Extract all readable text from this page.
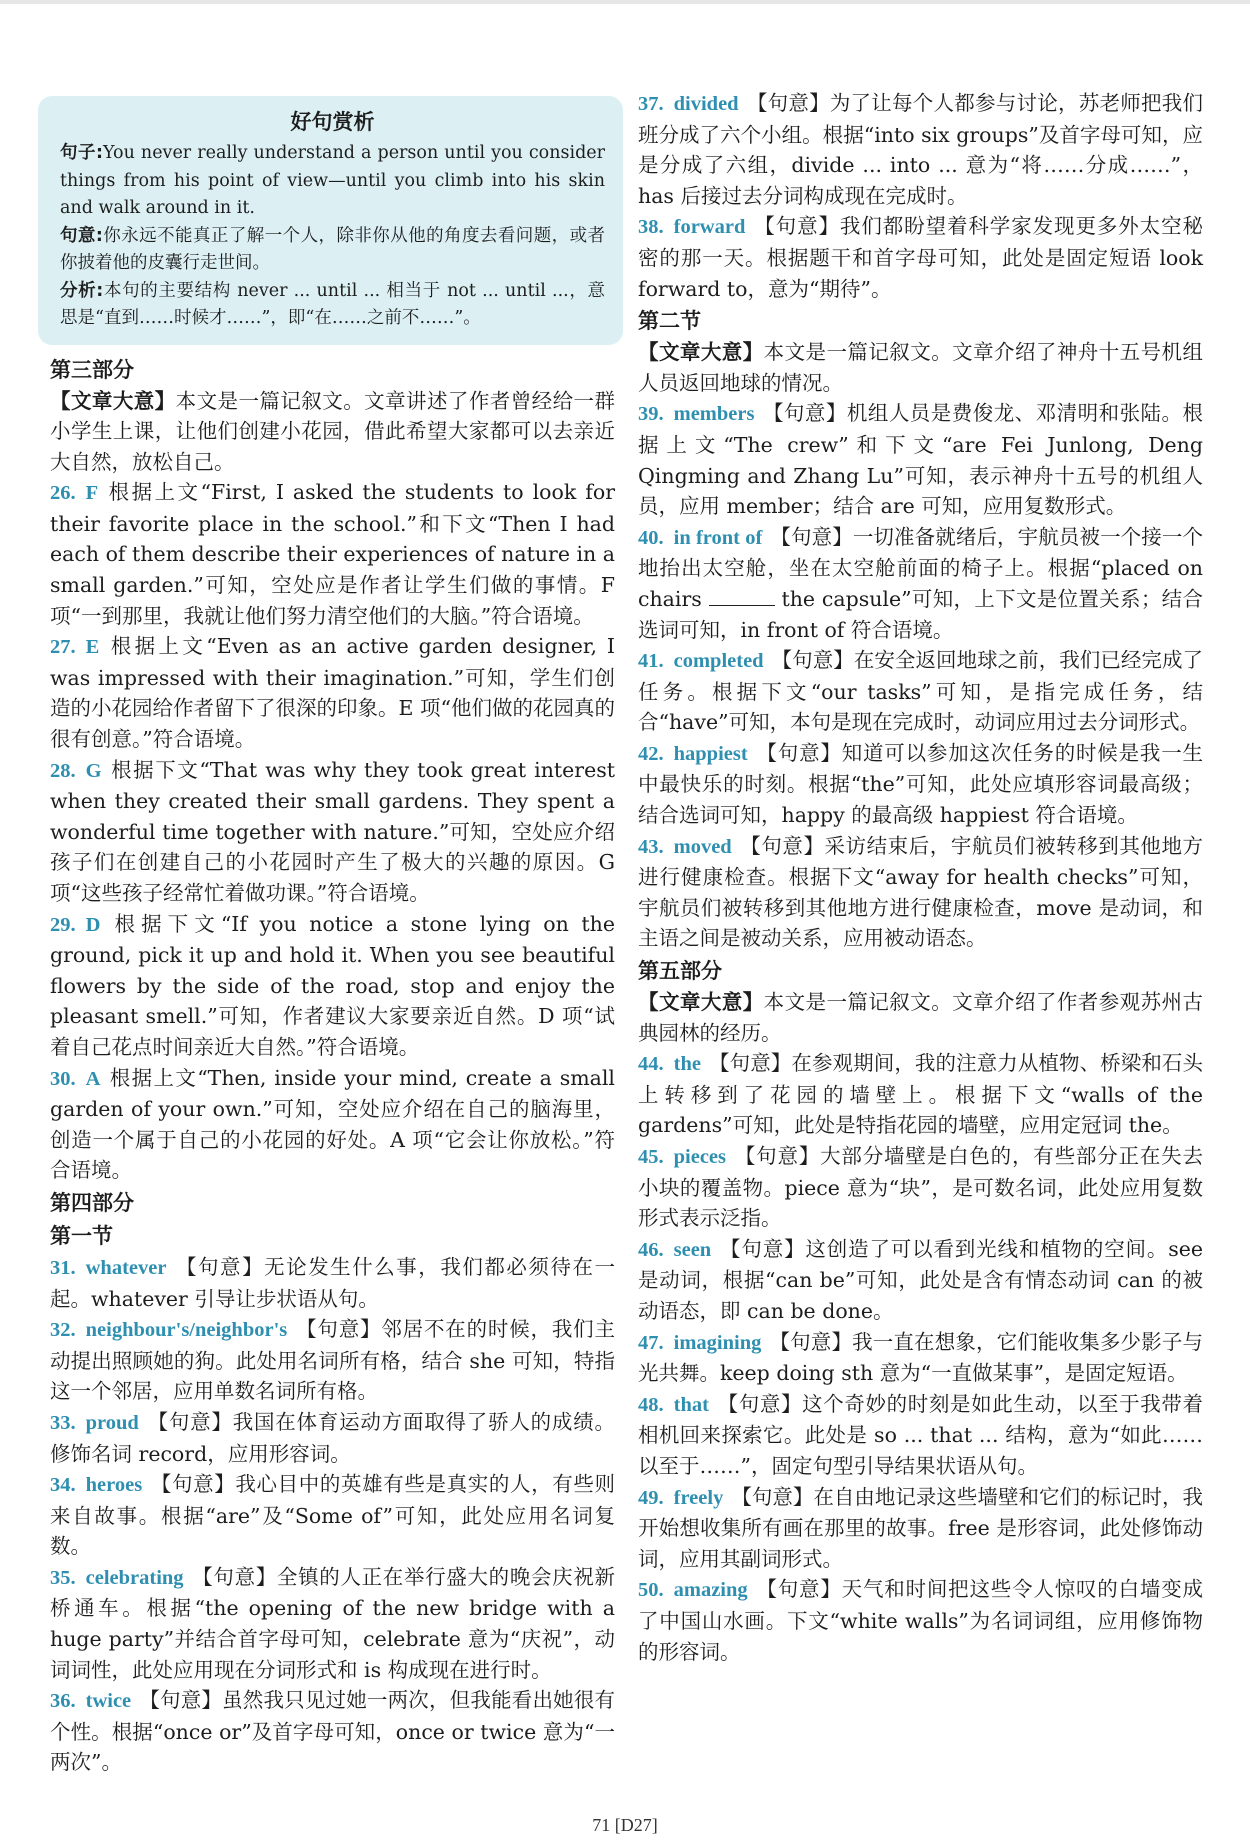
好句赏析

句子:You never really understand a person until you consider things from his point of view—until you climb into his skin and walk around in it.

句意:你永远不能真正了解一个人，除非你从他的角度去看问题，或者你披着他的皮囊行走世间。

分析:本句的主要结构 never ... until ... 相当于 not ... until ...，意思是“直到……时候才……”，即“在……之前不……”。

第三部分

【文章大意】本文是一篇记叙文。文章讲述了作者曾经给一群小学生上课，让他们创建小花园，借此希望大家都可以去亲近大自然，放松自己。

26. F 根据上文“First, I asked the students to look for their favorite place in the school.”和下文“Then I had each of them describe their experiences of nature in a small garden.”可知，空处应是作者让学生们做的事情。F 项“一到那里，我就让他们努力清空他们的大脑。”符合语境。

27. E 根据上文“Even as an active garden designer, I was impressed with their imagination.”可知，学生们创造的小花园给作者留下了很深的印象。E 项“他们做的花园真的很有创意。”符合语境。

28. G 根据下文“That was why they took great interest when they created their small gardens. They spent a wonderful time together with nature.”可知，空处应介绍孩子们在创建自己的小花园时产生了极大的兴趣的原因。G 项“这些孩子经常忙着做功课。”符合语境。

29. D 根据下文“If you notice a stone lying on the ground, pick it up and hold it. When you see beautiful flowers by the side of the road, stop and enjoy the pleasant smell.”可知，作者建议大家要亲近自然。D 项“试着自己花点时间亲近大自然。”符合语境。

30. A 根据上文“Then, inside your mind, create a small garden of your own.”可知，空处应介绍在自己的脑海里，创造一个属于自己的小花园的好处。A 项“它会让你放松。”符合语境。

第四部分
第一节

31. whatever 【句意】无论发生什么事，我们都必须待在一起。whatever 引导让步状语从句。

32. neighbour's/neighbor's 【句意】邻居不在的时候，我们主动提出照顾她的狗。此处用名词所有格，结合 she 可知，特指这一个邻居，应用单数名词所有格。

33. proud 【句意】我国在体育运动方面取得了骄人的成绩。修饰名词 record，应用形容词。

34. heroes 【句意】我心目中的英雄有些是真实的人，有些则来自故事。根据“are”及“Some of”可知，此处应用名词复数。

35. celebrating 【句意】全镇的人正在举行盛大的晚会庆祝新桥通车。根据“the opening of the new bridge with a huge party”并结合首字母可知，celebrate 意为“庆祝”，动词词性，此处应用现在分词形式和 is 构成现在进行时。

36. twice 【句意】虽然我只见过她一两次，但我能看出她很有个性。根据“once or”及首字母可知，once or twice 意为“一两次”。

37. divided 【句意】为了让每个人都参与讨论，苏老师把我们班分成了六个小组。根据“into six groups”及首字母可知，应是分成了六组，divide ... into ... 意为“将……分成……”，has 后接过去分词构成现在完成时。

38. forward 【句意】我们都盼望着科学家发现更多外太空秘密的那一天。根据题干和首字母可知，此处是固定短语 look forward to，意为“期待”。

第二节

【文章大意】本文是一篇记叙文。文章介绍了神舟十五号机组人员返回地球的情况。

39. members 【句意】机组人员是费俊龙、邓清明和张陆。根据上文“The crew”和下文“are Fei Junlong, Deng Qingming and Zhang Lu”可知，表示神舟十五号的机组人员，应用 member；结合 are 可知，应用复数形式。

40. in front of 【句意】一切准备就绪后，宇航员被一个接一个地抬出太空舱，坐在太空舱前面的椅子上。根据“placed on chairs	the capsule”可知，上下文是位置关系；结合选词可知，in front of 符合语境。

41. completed 【句意】在安全返回地球之前，我们已经完成了任务。根据下文“our tasks”可知，是指完成任务，结合“have”可知，本句是现在完成时，动词应用过去分词形式。

42. happiest 【句意】知道可以参加这次任务的时候是我一生中最快乐的时刻。根据“the”可知，此处应填形容词最高级；结合选词可知，happy 的最高级 happiest 符合语境。

43. moved 【句意】采访结束后，宇航员们被转移到其他地方进行健康检查。根据下文“away for health checks”可知，宇航员们被转移到其他地方进行健康检查，move 是动词，和主语之间是被动关系，应用被动语态。

第五部分

【文章大意】本文是一篇记叙文。文章介绍了作者参观苏州古典园林的经历。

44. the 【句意】在参观期间，我的注意力从植物、桥梁和石头上转移到了花园的墙壁上。根据下文“walls of the gardens”可知，此处是特指花园的墙壁，应用定冠词 the。

45. pieces 【句意】大部分墙壁是白色的，有些部分正在失去小块的覆盖物。piece 意为“块”，是可数名词，此处应用复数形式表示泛指。

46. seen 【句意】这创造了可以看到光线和植物的空间。see 是动词，根据“can be”可知，此处是含有情态动词 can 的被动语态，即 can be done。

47. imagining 【句意】我一直在想象，它们能收集多少影子与光共舞。keep doing sth 意为“一直做某事”，是固定短语。

48. that 【句意】这个奇妙的时刻是如此生动，以至于我带着相机回来探索它。此处是 so ... that ... 结构，意为“如此……以至于……”，固定句型引导结果状语从句。

49. freely 【句意】在自由地记录这些墙壁和它们的标记时，我开始想收集所有画在那里的故事。free 是形容词，此处修饰动词，应用其副词形式。

50. amazing 【句意】天气和时间把这些令人惊叹的白墙变成了中国山水画。下文“white walls”为名词词组，应用修饰物的形容词。

71 [D27]
